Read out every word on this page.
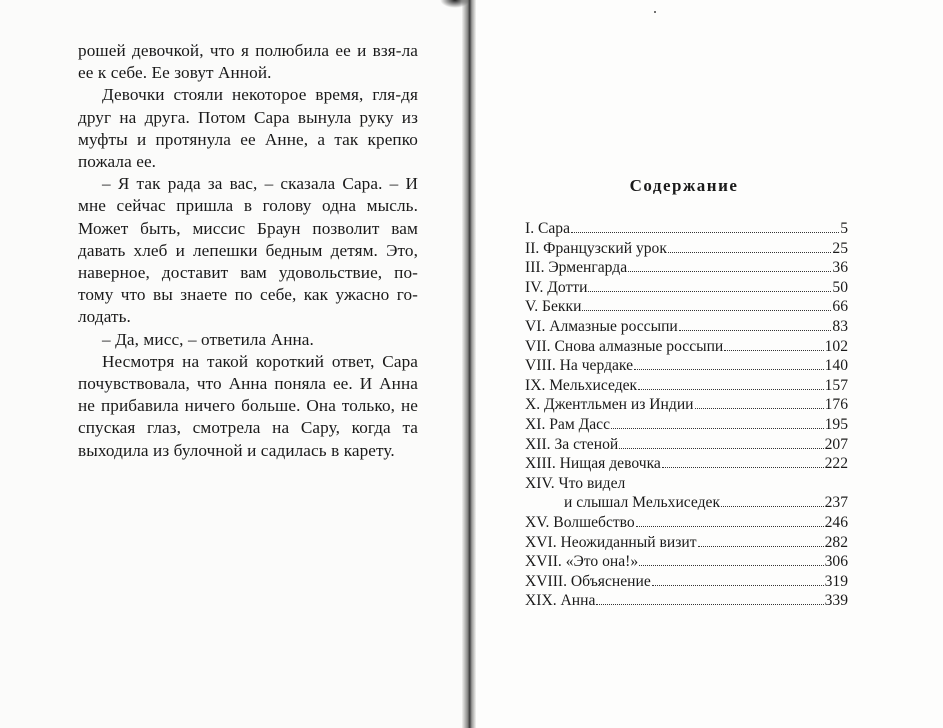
рошей девочкой, что я полюбила ее и взя-ла ее к себе. Ее зовут Анной.

Девочки стояли некоторое время, гля-дя друг на друга. Потом Сара вынула руку из муфты и протянула ее Анне, а так крепко пожала ее.

– Я так рада за вас, – сказала Сара. – И мне сейчас пришла в голову одна мысль. Может быть, миссис Браун позволит вам давать хлеб и лепешки бедным детям. Это, наверное, доставит вам удовольствие, по-тому что вы знаете по себе, как ужасно го-лодать.

– Да, мисс, – ответила Анна.

Несмотря на такой короткий ответ, Сара почувствовала, что Анна поняла ее. И Анна не прибавила ничего больше. Она только, не спуская глаз, смотрела на Сару, когда та выходила из булочной и садилась в карету.

Содержание
I. Сара	5
II. Французский урок	25
III. Эрменгарда	36
IV. Дотти	50
V. Бекки	66
VI. Алмазные россыпи	83
VII. Снова алмазные россыпи	102
VIII. На чердаке	140
IX. Мельхиседек	157
X. Джентльмен из Индии	176
XI. Рам Дасс	195
XII. За стеной	207
XIII. Нищая девочка	222
XIV. Что видел
и слышал Мельхиседек	237
XV. Волшебство	246
XVI. Неожиданный визит	282
XVII. «Это она!»	306
XVIII. Объяснение	319
XIX. Анна	339
